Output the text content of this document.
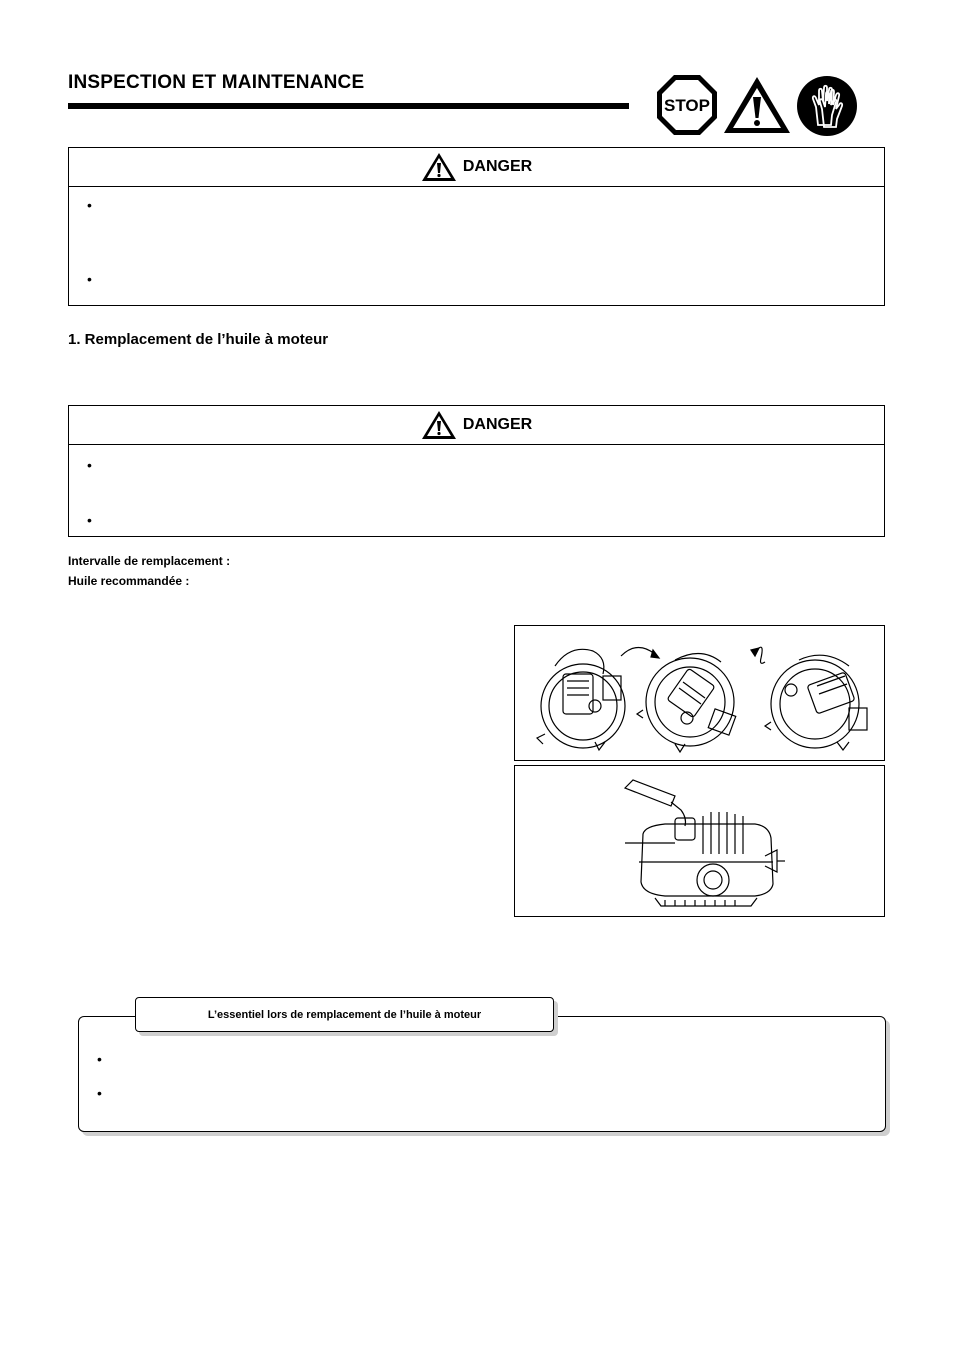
INSPECTION ET MAINTENANCE
STOP
DANGER
•
•
1. Remplacement de l’huile à moteur
DANGER
•
•
Intervalle de remplacement :
Huile recommandée :
•
•
L’essentiel lors de remplacement de l’huile à moteur
